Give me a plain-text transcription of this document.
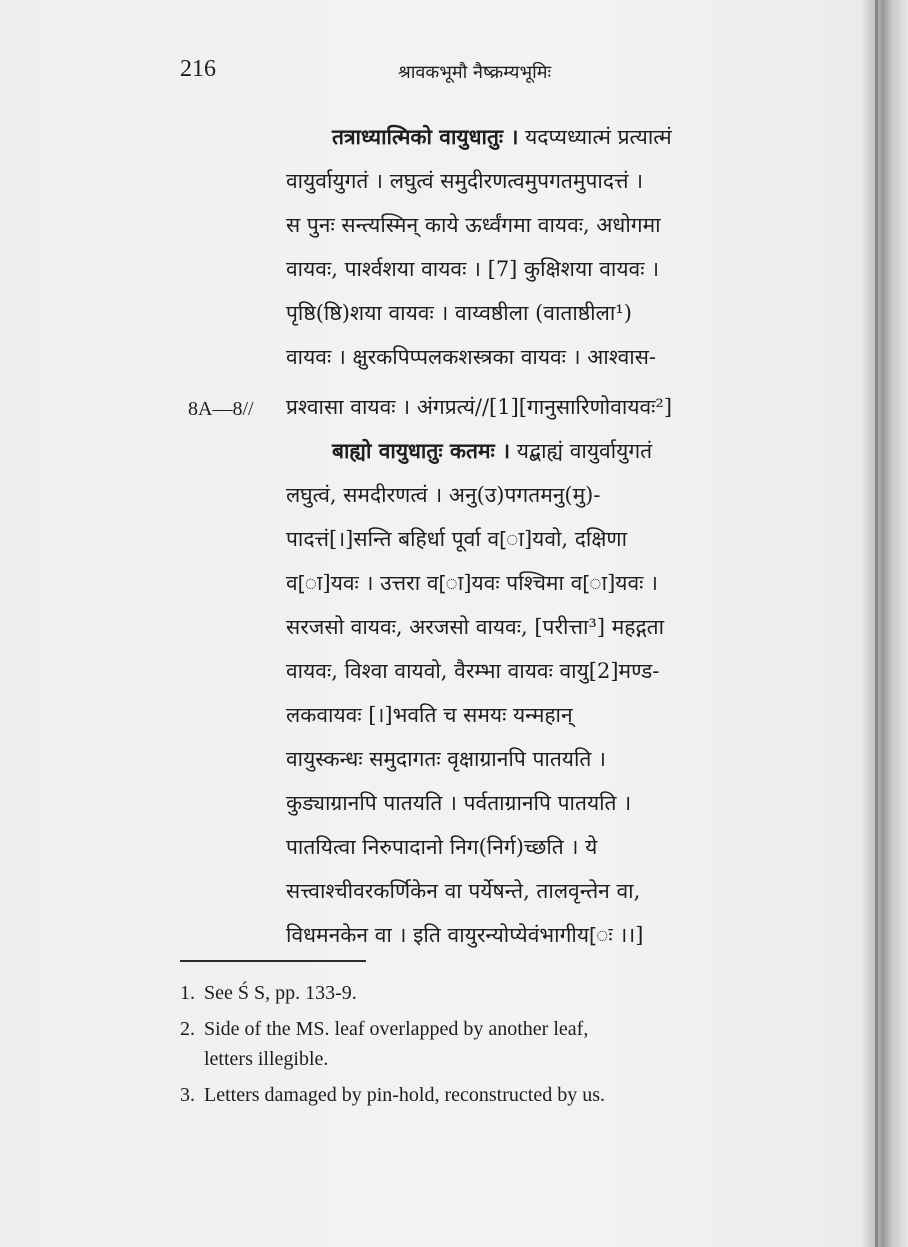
216	श्रावकभूमौ नैष्क्रम्यभूमिः
तत्राध्यात्मिको वायुधातुः । यदप्यध्यात्मं प्रत्यात्मं
वायुर्वायुगतं । लघुत्वं समुदीरणत्वमुपगतमुपादत्तं ।
स पुनः सन्त्यस्मिन् काये ऊर्ध्वंगमा वायवः, अधोगमा
वायवः, पार्श्वशया वायवः । [7] कुक्षिशया वायवः ।
पृष्ठि(ष्ठि)शया वायवः । वाय्वष्ठीला (वाताष्ठीला¹)
वायवः । क्षुरकपिप्पलकशस्त्रका वायवः । आश्वास-
8A—8// प्रश्वासा वायवः । अंगप्रत्यं//[1][गानुसारिणोवायवः²]
बाह्यो वायुधातुः कतमः । यद्बाह्यं वायुर्वायुगतं
लघुत्वं, समदीरणत्वं । अनु(उ)पगतमनु(मु)-
पादत्तं[।]सन्ति बहिर्धा पूर्वा व[ा]यवो, दक्षिणा
व[ा]यवः । उत्तरा व[ा]यवः पश्चिमा व[ा]यवः ।
सरजसो वायवः, अरजसो वायवः, [परीत्ता³] महद्गता
वायवः, विश्वा वायवो, वैरम्भा वायवः वायु[2]मण्ड-
लकवायवः [।]भवति च समयः यन्महान्
वायुस्कन्धः समुदागतः वृक्षाग्रानपि पातयति ।
कुड्याग्रानपि पातयति । पर्वताग्रानपि पातयति ।
पातयित्वा निरुपादानो निग(निर्ग)च्छति । ये
सत्त्वाश्चीवरकर्णिकेन वा पर्येषन्ते, तालवृन्तेन वा,
विधमनकेन वा । इति वायुरन्योप्येवंभागीय[ः ।।]
1. See Ś S, pp. 133-9.
2. Side of the MS. leaf overlapped by another leaf,
letters illegible.
3. Letters damaged by pin-hold, reconstructed by us.
